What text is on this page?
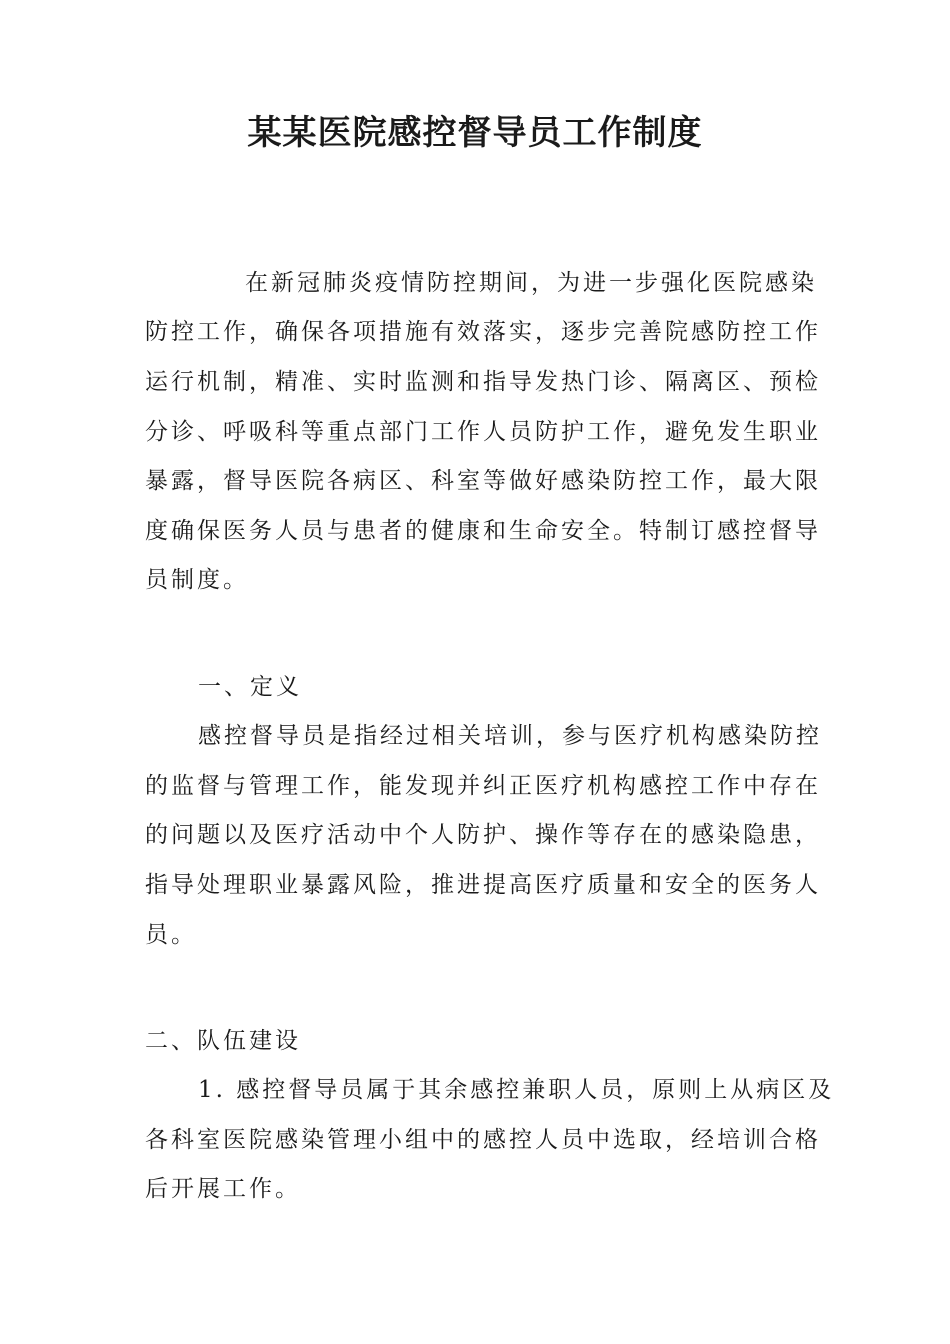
某某医院感控督导员工作制度
在新冠肺炎疫情防控期间，为进一步强化医院感染
防控工作，确保各项措施有效落实，逐步完善院感防控工作
运行机制，精准、实时监测和指导发热门诊、隔离区、预检
分诊、呼吸科等重点部门工作人员防护工作，避免发生职业
暴露，督导医院各病区、科室等做好感染防控工作，最大限
度确保医务人员与患者的健康和生命安全。特制订感控督导
员制度。
一、定义
感控督导员是指经过相关培训，参与医疗机构感染防控
的监督与管理工作，能发现并纠正医疗机构感控工作中存在
的问题以及医疗活动中个人防护、操作等存在的感染隐患，
指导处理职业暴露风险，推进提高医疗质量和安全的医务人
员。
二、队伍建设
1. 感控督导员属于其余感控兼职人员，原则上从病区及
各科室医院感染管理小组中的感控人员中选取，经培训合格
后开展工作。
